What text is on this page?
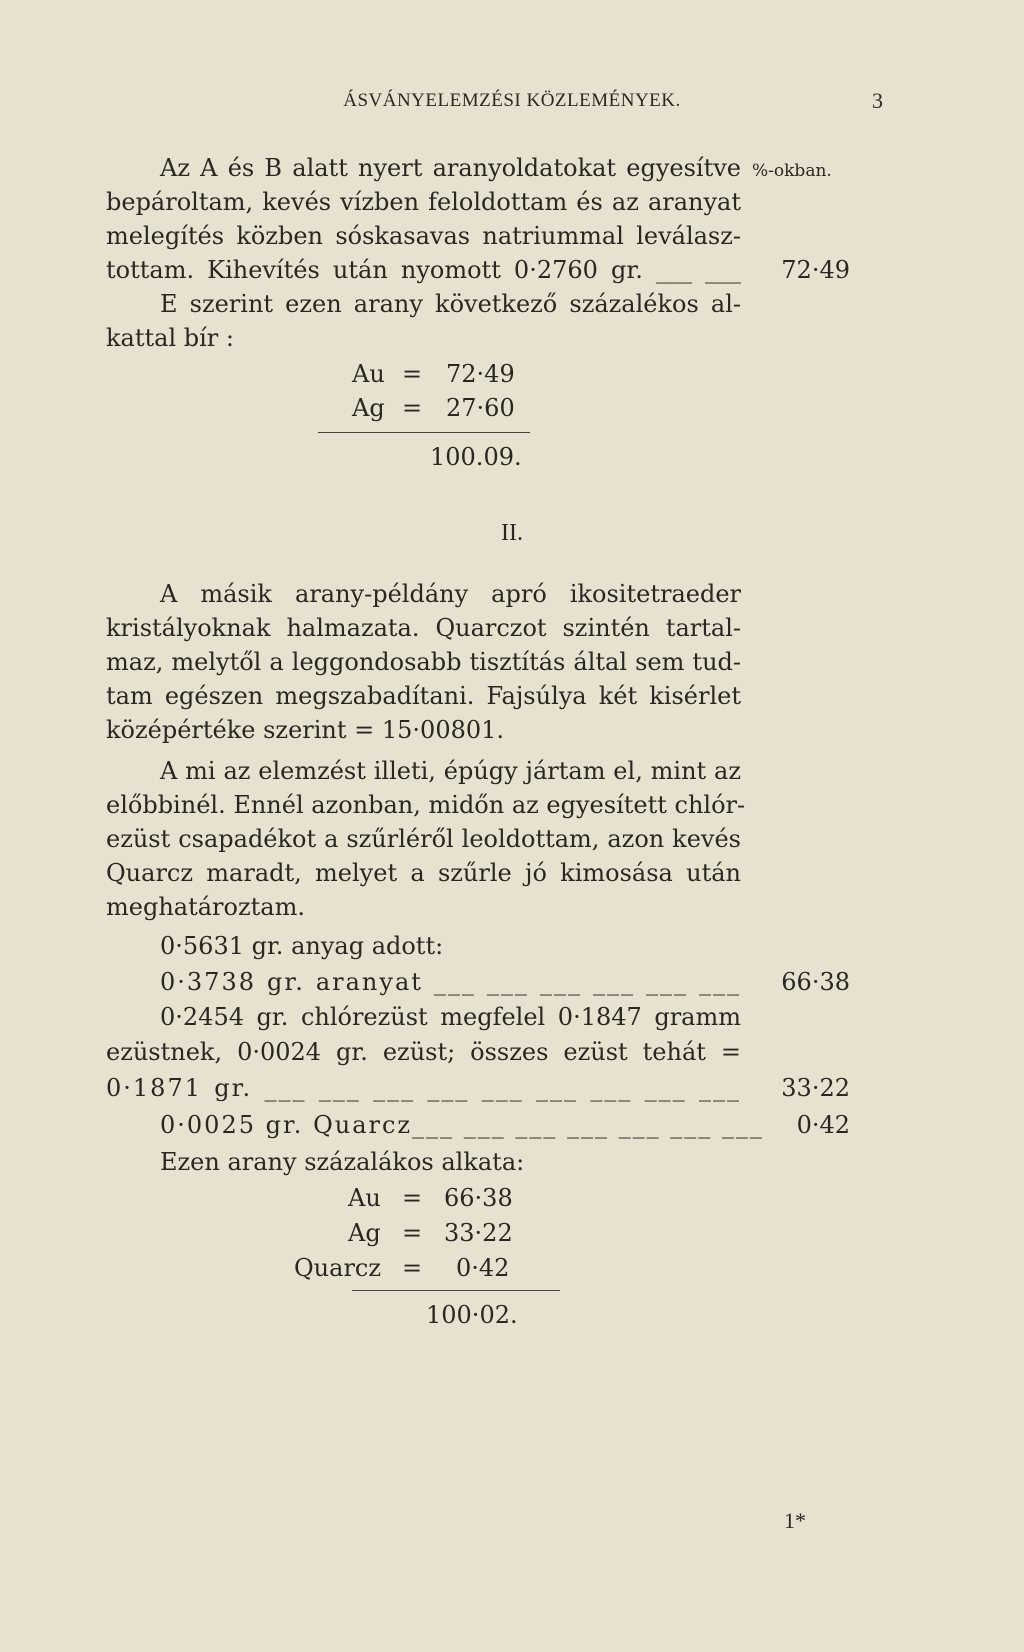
ÁSVÁNYELEMZÉSI KÖZLEMÉNYEK.	3
Az A és B alatt nyert aranyoldatokat egyesítve %-okban.
bepároltam, kevés vízben feloldottam és az aranyat
melegítés közben sóskasavas natriummal leválasz-
tottam. Kihevítés után nyomott 0·2760 gr. ___ ___	72·49
E szerint ezen arany következő százalékos al-
kattal bír :
Au = 72·49
Ag = 27·60
100.09.
II.
A másik arany-példány apró ikositetraeder
kristályoknak halmazata. Quarczot szintén tartal-
maz, melytől a leggondosabb tisztítás által sem tud-
tam egészen megszabadítani. Fajsúlya két kisérlet
középértéke szerint = 15·00801.
A mi az elemzést illeti, épúgy jártam el, mint az
előbbinél. Ennél azonban, midőn az egyesített chlór-
ezüst csapadékot a szűrléről leoldottam, azon kevés
Quarcz maradt, melyet a szűrle jó kimosása után
meghatároztam.
0·5631 gr. anyag adott:
0·3738 gr. aranyat ___ ___ ___ ___ ___ ___	66·38
0·2454 gr. chlórezüst megfelel 0·1847 gramm
ezüstnek, 0·0024 gr. ezüst; összes ezüst tehát =
0·1871 gr. ___ ___ ___ ___ ___ ___ ___ ___ ___	33·22
0·0025 gr. Quarcz___ ___ ___ ___ ___ ___ ___	0·42
Ezen arany százalákos alkata:
Au = 66·38
Ag = 33·22
Quarcz = 0·42
100·02.
1*
